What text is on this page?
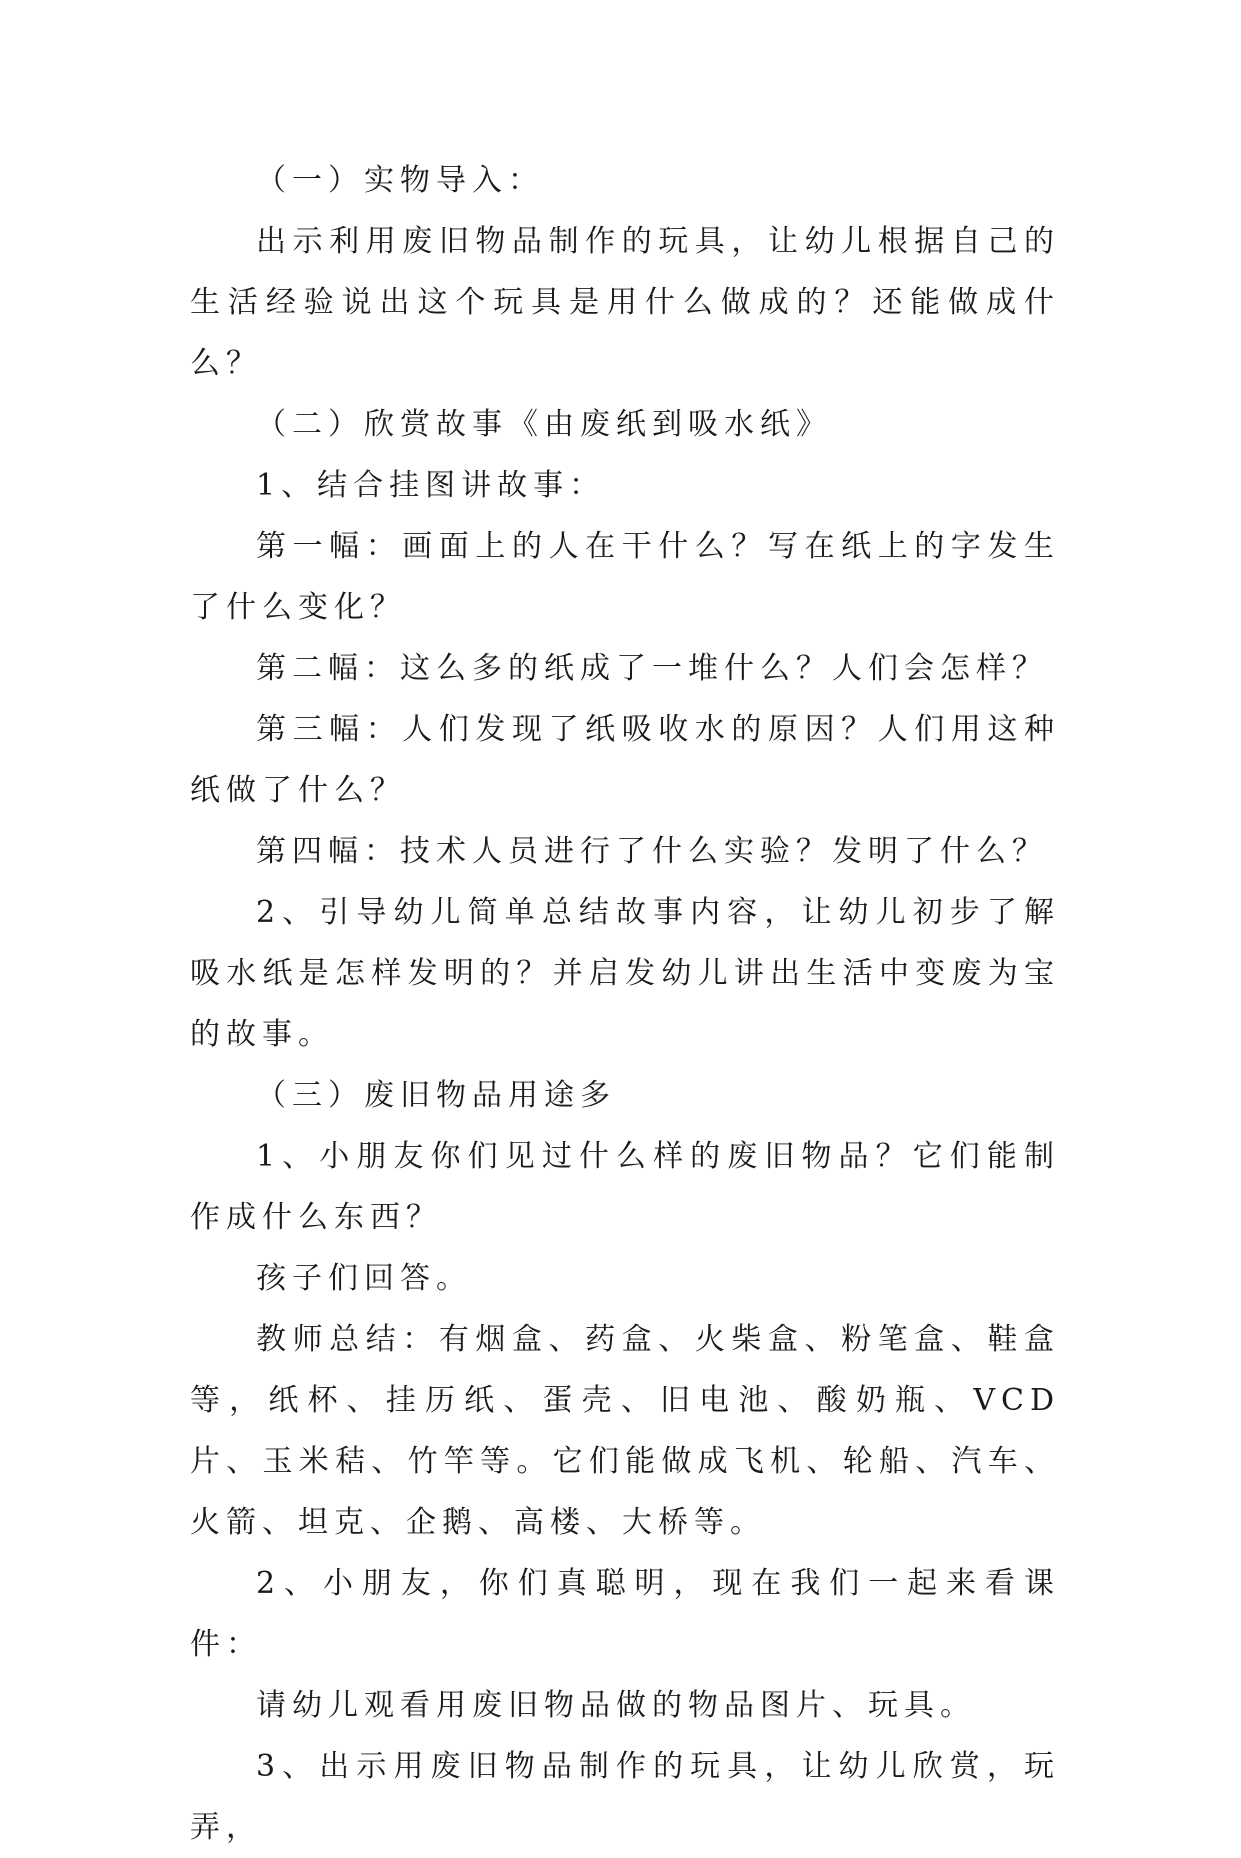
（一）实物导入：

出示利用废旧物品制作的玩具，让幼儿根据自己的生活经验说出这个玩具是用什么做成的？还能做成什么？

（二）欣赏故事《由废纸到吸水纸》

1、结合挂图讲故事：

第一幅：画面上的人在干什么？写在纸上的字发生了什么变化？

第二幅：这么多的纸成了一堆什么？人们会怎样？

第三幅：人们发现了纸吸收水的原因？人们用这种纸做了什么？

第四幅：技术人员进行了什么实验？发明了什么？

2、引导幼儿简单总结故事内容，让幼儿初步了解吸水纸是怎样发明的？并启发幼儿讲出生活中变废为宝的故事。

（三）废旧物品用途多

1、小朋友你们见过什么样的废旧物品？它们能制作成什么东西？

孩子们回答。

教师总结：有烟盒、药盒、火柴盒、粉笔盒、鞋盒等，纸杯、挂历纸、蛋壳、旧电池、酸奶瓶、VCD片、玉米秸、竹竿等。它们能做成飞机、轮船、汽车、火箭、坦克、企鹅、高楼、大桥等。

2、小朋友，你们真聪明，现在我们一起来看课件：

请幼儿观看用废旧物品做的物品图片、玩具。

3、出示用废旧物品制作的玩具，让幼儿欣赏，玩弄，
